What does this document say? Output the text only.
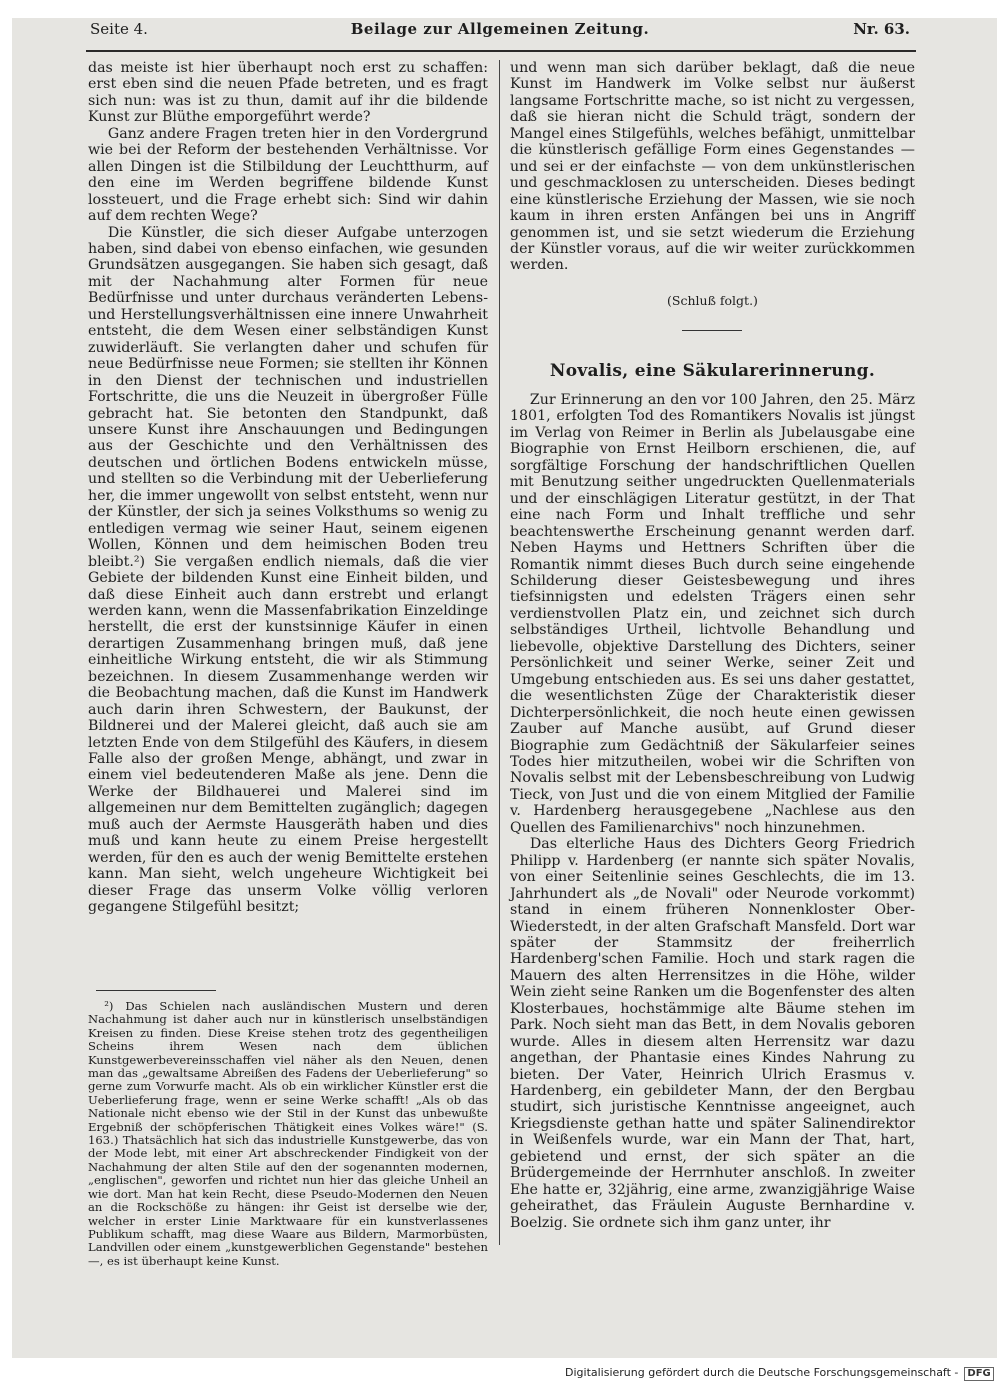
Seite 4.	Beilage zur Allgemeinen Zeitung.	Nr. 63.

das meiste ist hier überhaupt noch erst zu schaffen: erst eben sind die neuen Pfade betreten, und es fragt sich nun: was ist zu thun, damit auf ihr die bildende Kunst zur Blüthe emporgeführt werde?

Ganz andere Fragen treten hier in den Vordergrund wie bei der Reform der bestehenden Verhältnisse. Vor allen Dingen ist die Stilbildung der Leuchtthurm, auf den eine im Werden begriffene bildende Kunst lossteuert, und die Frage erhebt sich: Sind wir dahin auf dem rechten Wege?

Die Künstler, die sich dieser Aufgabe unterzogen haben, sind dabei von ebenso einfachen, wie gesunden Grundsätzen ausgegangen. Sie haben sich gesagt, daß mit der Nachahmung alter Formen für neue Bedürfnisse und unter durchaus veränderten Lebens- und Herstellungsverhältnissen eine innere Unwahrheit entsteht, die dem Wesen einer selbständigen Kunst zuwiderläuft. Sie verlangten daher und schufen für neue Bedürfnisse neue Formen; sie stellten ihr Können in den Dienst der technischen und industriellen Fortschritte, die uns die Neuzeit in übergroßer Fülle gebracht hat. Sie betonten den Standpunkt, daß unsere Kunst ihre Anschauungen und Bedingungen aus der Geschichte und den Verhältnissen des deutschen und örtlichen Bodens entwickeln müsse, und stellten so die Verbindung mit der Ueberlieferung her, die immer ungewollt von selbst entsteht, wenn nur der Künstler, der sich ja seines Volksthums so wenig zu entledigen vermag wie seiner Haut, seinem eigenen Wollen, Können und dem heimischen Boden treu bleibt.²) Sie vergaßen endlich niemals, daß die vier Gebiete der bildenden Kunst eine Einheit bilden, und daß diese Einheit auch dann erstrebt und erlangt werden kann, wenn die Massenfabrikation Einzeldinge herstellt, die erst der kunstsinnige Käufer in einen derartigen Zusammenhang bringen muß, daß jene einheitliche Wirkung entsteht, die wir als Stimmung bezeichnen. In diesem Zusammenhange werden wir die Beobachtung machen, daß die Kunst im Handwerk auch darin ihren Schwestern, der Baukunst, der Bildnerei und der Malerei gleicht, daß auch sie am letzten Ende von dem Stilgefühl des Käufers, in diesem Falle also der großen Menge, abhängt, und zwar in einem viel bedeutenderen Maße als jene. Denn die Werke der Bildhauerei und Malerei sind im allgemeinen nur dem Bemittelten zugänglich; dagegen muß auch der Aermste Hausgeräth haben und dies muß und kann heute zu einem Preise hergestellt werden, für den es auch der wenig Bemittelte erstehen kann. Man sieht, welch ungeheure Wichtigkeit bei dieser Frage das unserm Volke völlig verloren gegangene Stilgefühl besitzt;

²) Das Schielen nach ausländischen Mustern und deren Nachahmung ist daher auch nur in künstlerisch unselbständigen Kreisen zu finden. Diese Kreise stehen trotz des gegentheiligen Scheins ihrem Wesen nach dem üblichen Kunstgewerbevereinsschaffen viel näher als den Neuen, denen man das „gewaltsame Abreißen des Fadens der Ueberlieferung" so gerne zum Vorwurfe macht. Als ob ein wirklicher Künstler erst die Ueberlieferung frage, wenn er seine Werke schafft! „Als ob das Nationale nicht ebenso wie der Stil in der Kunst das unbewußte Ergebniß der schöpferischen Thätigkeit eines Volkes wäre!" (S. 163.) Thatsächlich hat sich das industrielle Kunstgewerbe, das von der Mode lebt, mit einer Art abschreckender Findigkeit von der Nachahmung der alten Stile auf den der sogenannten modernen, „englischen", geworfen und richtet nun hier das gleiche Unheil an wie dort. Man hat kein Recht, diese Pseudo-Modernen den Neuen an die Rockschöße zu hängen: ihr Geist ist derselbe wie der, welcher in erster Linie Marktwaare für ein kunstverlassenes Publikum schafft, mag diese Waare aus Bildern, Marmorbüsten, Landvillen oder einem „kunstgewerblichen Gegenstande" bestehen —, es ist überhaupt keine Kunst.

und wenn man sich darüber beklagt, daß die neue Kunst im Handwerk im Volke selbst nur äußerst langsame Fortschritte mache, so ist nicht zu vergessen, daß sie hieran nicht die Schuld trägt, sondern der Mangel eines Stilgefühls, welches befähigt, unmittelbar die künstlerisch gefällige Form eines Gegenstandes — und sei er der einfachste — von dem unkünstlerischen und geschmacklosen zu unterscheiden. Dieses bedingt eine künstlerische Erziehung der Massen, wie sie noch kaum in ihren ersten Anfängen bei uns in Angriff genommen ist, und sie setzt wiederum die Erziehung der Künstler voraus, auf die wir weiter zurückkommen werden.

(Schluß folgt.)
Novalis, eine Säkularerinnerung.

Zur Erinnerung an den vor 100 Jahren, den 25. März 1801, erfolgten Tod des Romantikers Novalis ist jüngst im Verlag von Reimer in Berlin als Jubelausgabe eine Biographie von Ernst Heilborn erschienen, die, auf sorgfältige Forschung der handschriftlichen Quellen mit Benutzung seither ungedruckten Quellenmaterials und der einschlägigen Literatur gestützt, in der That eine nach Form und Inhalt treffliche und sehr beachtenswerthe Erscheinung genannt werden darf. Neben Hayms und Hettners Schriften über die Romantik nimmt dieses Buch durch seine eingehende Schilderung dieser Geistesbewegung und ihres tiefsinnigsten und edelsten Trägers einen sehr verdienstvollen Platz ein, und zeichnet sich durch selbständiges Urtheil, lichtvolle Behandlung und liebevolle, objektive Darstellung des Dichters, seiner Persönlichkeit und seiner Werke, seiner Zeit und Umgebung entschieden aus. Es sei uns daher gestattet, die wesentlichsten Züge der Charakteristik dieser Dichterpersönlichkeit, die noch heute einen gewissen Zauber auf Manche ausübt, auf Grund dieser Biographie zum Gedächtniß der Säkularfeier seines Todes hier mitzutheilen, wobei wir die Schriften von Novalis selbst mit der Lebensbeschreibung von Ludwig Tieck, von Just und die von einem Mitglied der Familie v. Hardenberg herausgegebene „Nachlese aus den Quellen des Familienarchivs" noch hinzunehmen.

Das elterliche Haus des Dichters Georg Friedrich Philipp v. Hardenberg (er nannte sich später Novalis, von einer Seitenlinie seines Geschlechts, die im 13. Jahrhundert als „de Novali" oder Neurode vorkommt) stand in einem früheren Nonnenkloster Ober-Wiederstedt, in der alten Grafschaft Mansfeld. Dort war später der Stammsitz der freiherrlich Hardenberg'schen Familie. Hoch und stark ragen die Mauern des alten Herrensitzes in die Höhe, wilder Wein zieht seine Ranken um die Bogenfenster des alten Klosterbaues, hochstämmige alte Bäume stehen im Park. Noch sieht man das Bett, in dem Novalis geboren wurde. Alles in diesem alten Herrensitz war dazu angethan, der Phantasie eines Kindes Nahrung zu bieten. Der Vater, Heinrich Ulrich Erasmus v. Hardenberg, ein gebildeter Mann, der den Bergbau studirt, sich juristische Kenntnisse angeeignet, auch Kriegsdienste gethan hatte und später Salinendirektor in Weißenfels wurde, war ein Mann der That, hart, gebietend und ernst, der sich später an die Brüdergemeinde der Herrnhuter anschloß. In zweiter Ehe hatte er, 32jährig, eine arme, zwanzigjährige Waise geheirathet, das Fräulein Auguste Bernhardine v. Boelzig. Sie ordnete sich ihm ganz unter, ihr

Digitalisierung gefördert durch die Deutsche Forschungsgemeinschaft - DFG
